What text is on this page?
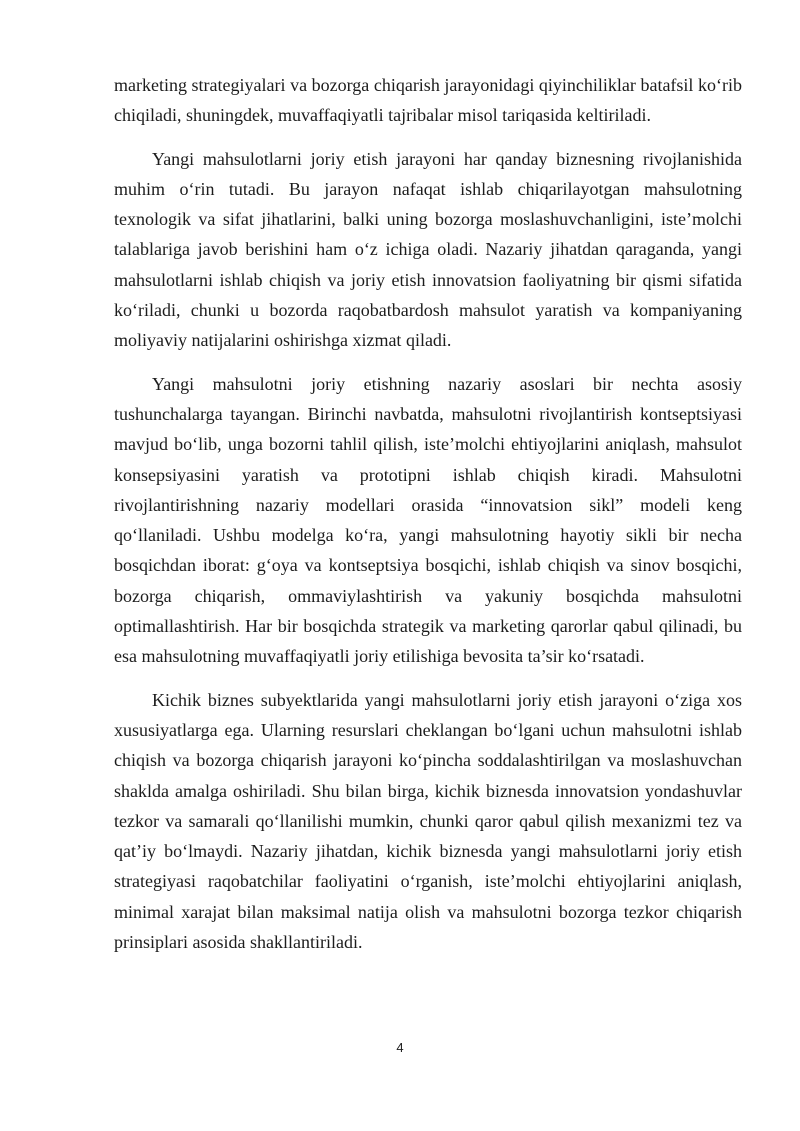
marketing strategiyalari va bozorga chiqarish jarayonidagi qiyinchiliklar batafsil ko‘rib chiqiladi, shuningdek, muvaffaqiyatli tajribalar misol tariqasida keltiriladi.

Yangi mahsulotlarni joriy etish jarayoni har qanday biznesning rivojlanishida muhim o‘rin tutadi. Bu jarayon nafaqat ishlab chiqarilayotgan mahsulotning texnologik va sifat jihatlarini, balki uning bozorga moslashuvchanligini, iste’molchi talablariga javob berishini ham o‘z ichiga oladi. Nazariy jihatdan qaraganda, yangi mahsulotlarni ishlab chiqish va joriy etish innovatsion faoliyatning bir qismi sifatida ko‘riladi, chunki u bozorda raqobatbardosh mahsulot yaratish va kompaniyaning moliyaviy natijalarini oshirishga xizmat qiladi.

Yangi mahsulotni joriy etishning nazariy asoslari bir nechta asosiy tushunchalarga tayangan. Birinchi navbatda, mahsulotni rivojlantirish kontseptsiyasi mavjud bo‘lib, unga bozorni tahlil qilish, iste’molchi ehtiyojlarini aniqlash, mahsulot konsepsiyasini yaratish va prototipni ishlab chiqish kiradi. Mahsulotni rivojlantirishning nazariy modellari orasida “innovatsion sikl” modeli keng qo‘llaniladi. Ushbu modelga ko‘ra, yangi mahsulotning hayotiy sikli bir necha bosqichdan iborat: g‘oya va kontseptsiya bosqichi, ishlab chiqish va sinov bosqichi, bozorga chiqarish, ommaviylashtirish va yakuniy bosqichda mahsulotni optimallashtirish. Har bir bosqichda strategik va marketing qarorlar qabul qilinadi, bu esa mahsulotning muvaffaqiyatli joriy etilishiga bevosita ta’sir ko‘rsatadi.

Kichik biznes subyektlarida yangi mahsulotlarni joriy etish jarayoni o‘ziga xos xususiyatlarga ega. Ularning resurslari cheklangan bo‘lgani uchun mahsulotni ishlab chiqish va bozorga chiqarish jarayoni ko‘pincha soddalashtirilgan va moslashuvchan shaklda amalga oshiriladi. Shu bilan birga, kichik biznesda innovatsion yondashuvlar tezkor va samarali qo‘llanilishi mumkin, chunki qaror qabul qilish mexanizmi tez va qat’iy bo‘lmaydi. Nazariy jihatdan, kichik biznesda yangi mahsulotlarni joriy etish strategiyasi raqobatchilar faoliyatini o‘rganish, iste’molchi ehtiyojlarini aniqlash, minimal xarajat bilan maksimal natija olish va mahsulotni bozorga tezkor chiqarish prinsiplari asosida shakllantiriladi.

4
